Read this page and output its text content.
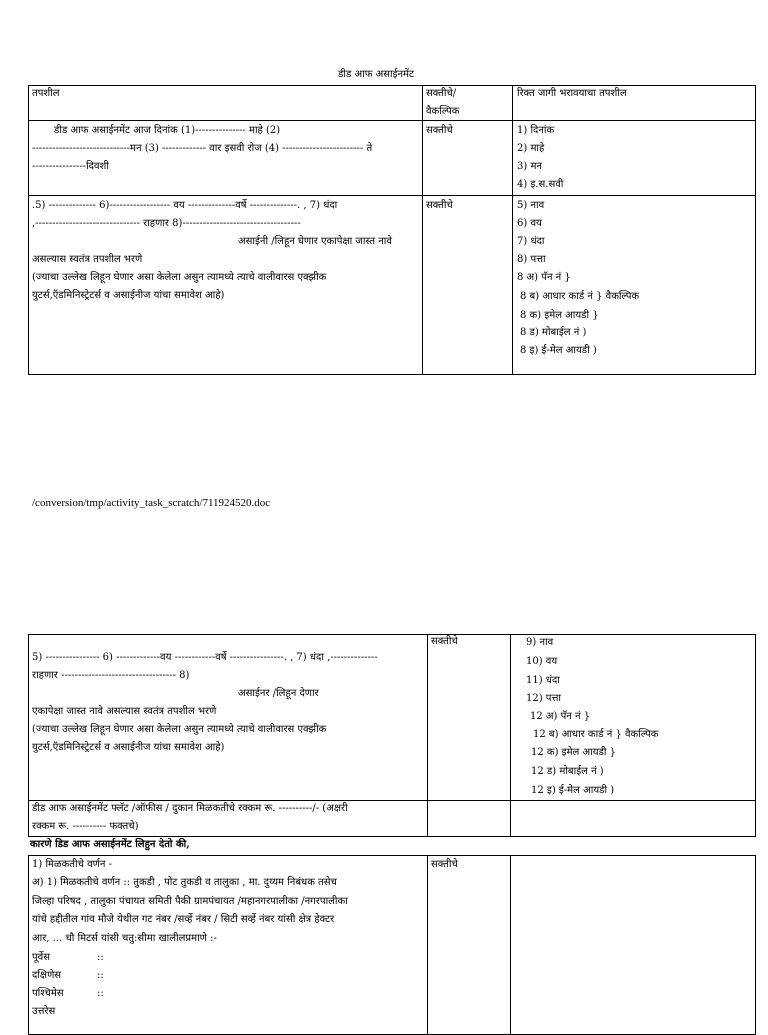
डीड आफ असाईनमेंट
तपशील	सक्तीचे/
वैकल्पिक
रिक्त जागी भरावयाचा तपशील
डीड आफ असाईनमेंट आज दिनांक (1)--------------- माहे (2)
-----------------------------मन (3) ------------- वार इसवी रोज (4) ------------------------ ते
----------------दिवशी
सक्तीचे	1) दिनांक
2) माहे
3) मन
4) इ.स.सवी
.5) -------------- 6)------------------ वय --------------वर्षे --------------. , 7) धंदा
,------------------------------- राहणार 8)-----------------------------------
असाईनी /लिहून घेणार एकापेक्षा जास्त नावे
असल्यास स्वतंत्र तपशील भरणे
(ज्याचा उल्लेख लिहून घेणार असा केलेला असुन त्यामध्ये त्याचे वालीवारस एक्झीक
युटर्स,ऍडमिनिस्ट्रेटर्स व असाईनीज यांचा समावेश आहे)
सक्तीचे	5) नाव
6) वय
7) धंदा
8) पत्ता
8 अ) पॅन नं }
8 ब) आधार कार्ड नं } वैकल्पिक
8 क) इमेल आयडी }
8 ड) मोबाईल नं )
8 इ) ई-मेल आयडी )
/conversion/tmp/activity_task_scratch/711924520.doc
5) ---------------- 6) -------------वय ------------वर्षे ----------------. , 7) धंदा ,--------------
राहणार ---------------------------------- 8)
असाईनर /लिहून देणार
एकापेक्षा जास्त नावे असल्यास स्वतंत्र तपशील भरणे
(ज्याचा उल्लेख लिहून घेणार असा केलेला असुन त्यामध्ये त्याचे वालीवारस एक्झीक
युटर्स,ऍडमिनिस्ट्रेटर्स व असाईनीज यांचा समावेश आहे)
सक्तीचे	9) नाव
10) वय
11) धंदा
12) पत्ता
12 अ) पॅन नं }
12 ब) आधार कार्ड नं } वैकल्पिक
12 क) इमेल आयडी }
12 ड) मोबाईल नं )
12 इ) ई-मेल आयडी )
डीड आफ असाईनमेंट फ्लॅट /ऑफीस / दुकान मिळकतीचे रक्कम रू. ----------/- (अक्षरी
रक्कम रू. ---------- फक्तचे)
कारणे डिड आफ असाईनमेंट लिहुन देतो की,
1) मिळकतीचे वर्णन -
अ) 1) मिळकतीचे वर्णन :: तुकडी , पोट तुकडी व तालुका , मा. दुय्यम निबंधक तसेच
जिल्हा परिषद , तालुका पंचायत समिती पैकी ग्रामपंचायत /महानगरपालीका /नगरपालीका
यांचे हद्दीतील गांव मौजे येथील गट नंबर /सर्व्हे नंबर / सिटी सर्व्हे नंबर यांसी क्षेत्र हेक्टर
आर, ... चौ मिटर्स यांसी चतु:सीमा खालीलप्रमाणे :-
पूर्वेस	::
दक्षिणेस	::
पश्चिमेस	::
उत्तरेस
सक्तीचे
